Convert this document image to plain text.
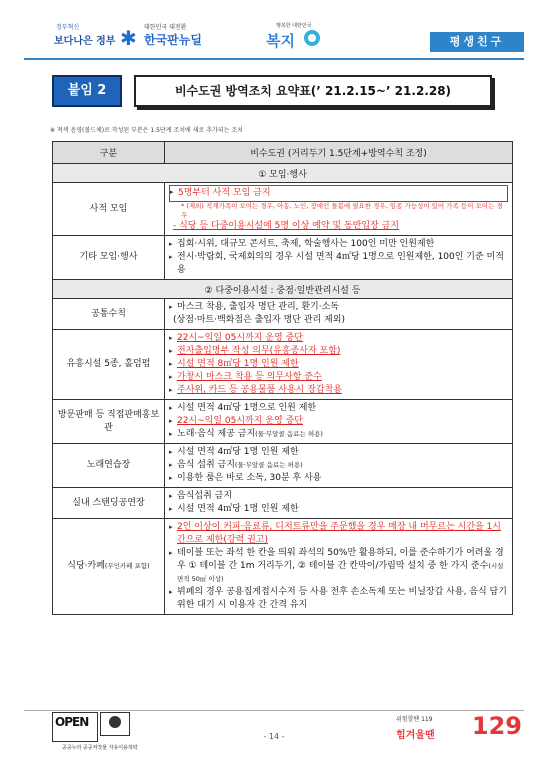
정부혁신
보다나은 정부 ✱ 대한민국 대전환
한국판뉴딜
행복한 대한민국
복지	평생친구
붙임 2	비수도권 방역조치 요약표(’ 21.2.15~’ 21.2.28)
※ 적색 음영(볼드체)로 작성된 부분은 1.5단계 조치에 새로 추가되는 조치
구분	비수도권 (거리두기 1.5단계+방역수칙 조정)
① 모임·행사	
사적 모임	▸ 5명부터 사적 모임 금지
* (제외) 직계가족이 모이는 경우, 아동, 노인, 장애인 돌봄에 필요한 경우, 임종 가능성이 있어 가족 등이 모이는 경우
- 식당 등 다중이용시설에 5명 이상 예약 및 동반입장 금지

기타 모임·행사	▸ 집회·시위, 대규모 콘서트, 축제, 학술행사는 100인 미만 인원제한
▸ 전시·박람회, 국제회의의 경우 시설 면적 4㎡당 1명으로 인원제한, 100인 기준 미적용

② 다중이용시설 : 중점·일반관리시설 등	
공통수칙	▸ 마스크 착용, 출입자 명단 관리, 환기·소독
(상점·마트·백화점은 출입자 명단 관리 제외)

유흥시설 5종, 홀덤펍	▸ 22시~익일 05시까지 운영 중단
▸ 전자출입명부 작성 의무(유흥종사자 포함)
▸ 시설 면적 8㎡당 1명 인원 제한
▸ 가창시 마스크 착용 등 의무사항 준수
▸ 주사위, 카드 등 공용물품 사용시 장갑착용

방문판매 등 직접판매홍보관	▸ 시설 면적 4㎡당 1명으로 인원 제한
▸ 22시~익일 05시까지 운영 중단
▸ 노래·음식 제공 금지(물·무알콜 음료는 허용)

노래연습장	▸ 시설 면적 4㎡당 1명 인원 제한
▸ 음식 섭취 금지(물·무알콜 음료는 허용)
▸ 이용한 룸은 바로 소독, 30분 후 사용

실내 스탠딩공연장	▸ 음식섭취 금지
▸ 시설 면적 4㎡당 1명 인원 제한

식당·카페(무인카페 포함)	▸ 2인 이상이 커피·음료류, 디저트류만을 주문했을 경우 매장 내 머무르는 시간을 1시간으로 제한(강력 권고)
▸ 테이블 또는 좌석 한 칸을 띄워 좌석의 50%만 활용하되, 이를 준수하기가 어려울 경우 ① 테이블 간 1m 거리두기, ② 테이블 간 칸막이/가림막 설치 중 한 가지 준수(시설 면적 50㎡ 이상)
▸ 뷔페의 경우 공용집게접시수저 등 사용 전후 손소독제 또는 비닐장갑 사용, 음식 담기 위한 대기 시 이용자 간 간격 유지
OPEN
공공누리 공공저작물 자유이용허락
- 14 -
위험할땐 119
힘겨울땐 129
